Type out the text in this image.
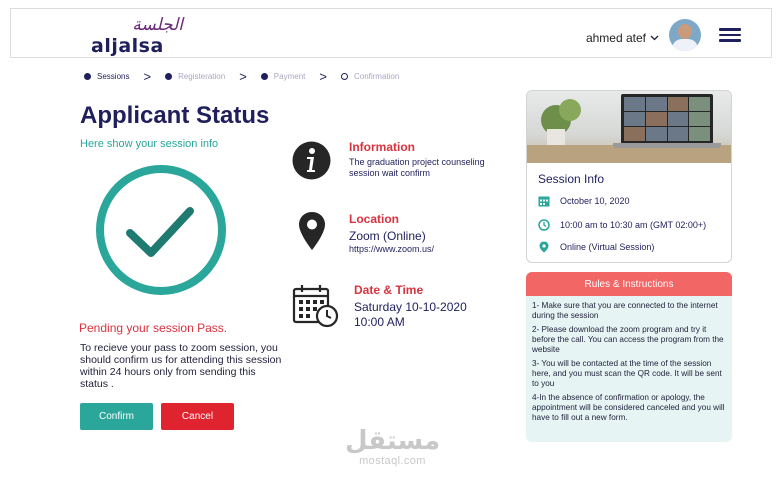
الجلسة
aljalsa	ahmed atef
Sessions >	Registeration >	Payment >	Confirmation
Applicant Status
Here show your session info
Pending your session Pass.
To recieve your pass to zoom session, you should confirm us for attending this session within 24 hours only from sending this status .
Confirm	Cancel
Information
The graduation project counseling session wait confirm
Location
Zoom (Online)
https://www.zoom.us/
Date & Time
Saturday 10-10-2020
10:00 AM
Session Info
October 10, 2020
10:00 am to 10:30 am (GMT 02:00+)
Online (Virtual Session)
Rules & Instructions
1- Make sure that you are connected to the internet during the session
2- Please download the zoom program and try it before the call. You can access the program from the website
3- You will be contacted at the time of the session here, and you must scan the QR code. It will be sent to you
4-In the absence of confirmation or apology, the appointment will be considered canceled and you will have to fill out a new form.
مستقل
mostaql.com
